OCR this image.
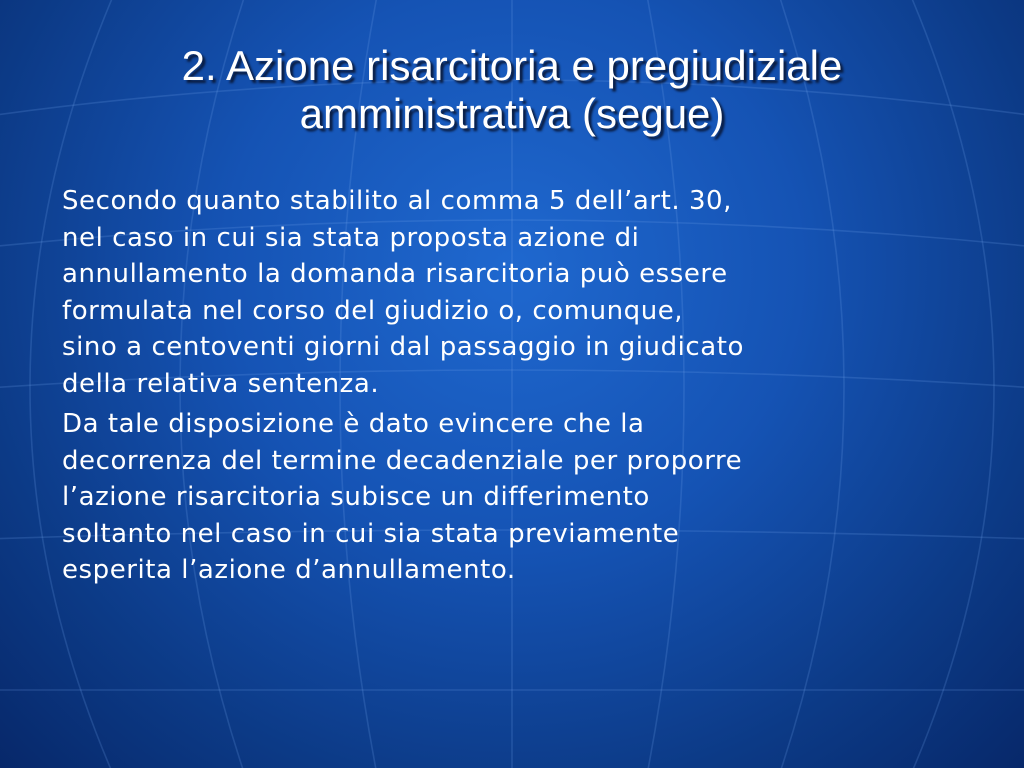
2. Azione risarcitoria e pregiudiziale
amministrativa (segue)

Secondo quanto stabilito al comma 5 dell’art. 30,
nel caso in cui sia stata proposta azione di
annullamento la domanda risarcitoria può essere
formulata nel corso del giudizio o, comunque,
sino a centoventi giorni dal passaggio in giudicato
della relativa sentenza.

Da tale disposizione è dato evincere che la
decorrenza del termine decadenziale per proporre
l’azione risarcitoria subisce un differimento
soltanto nel caso in cui sia stata previamente
esperita l’azione d’annullamento.
